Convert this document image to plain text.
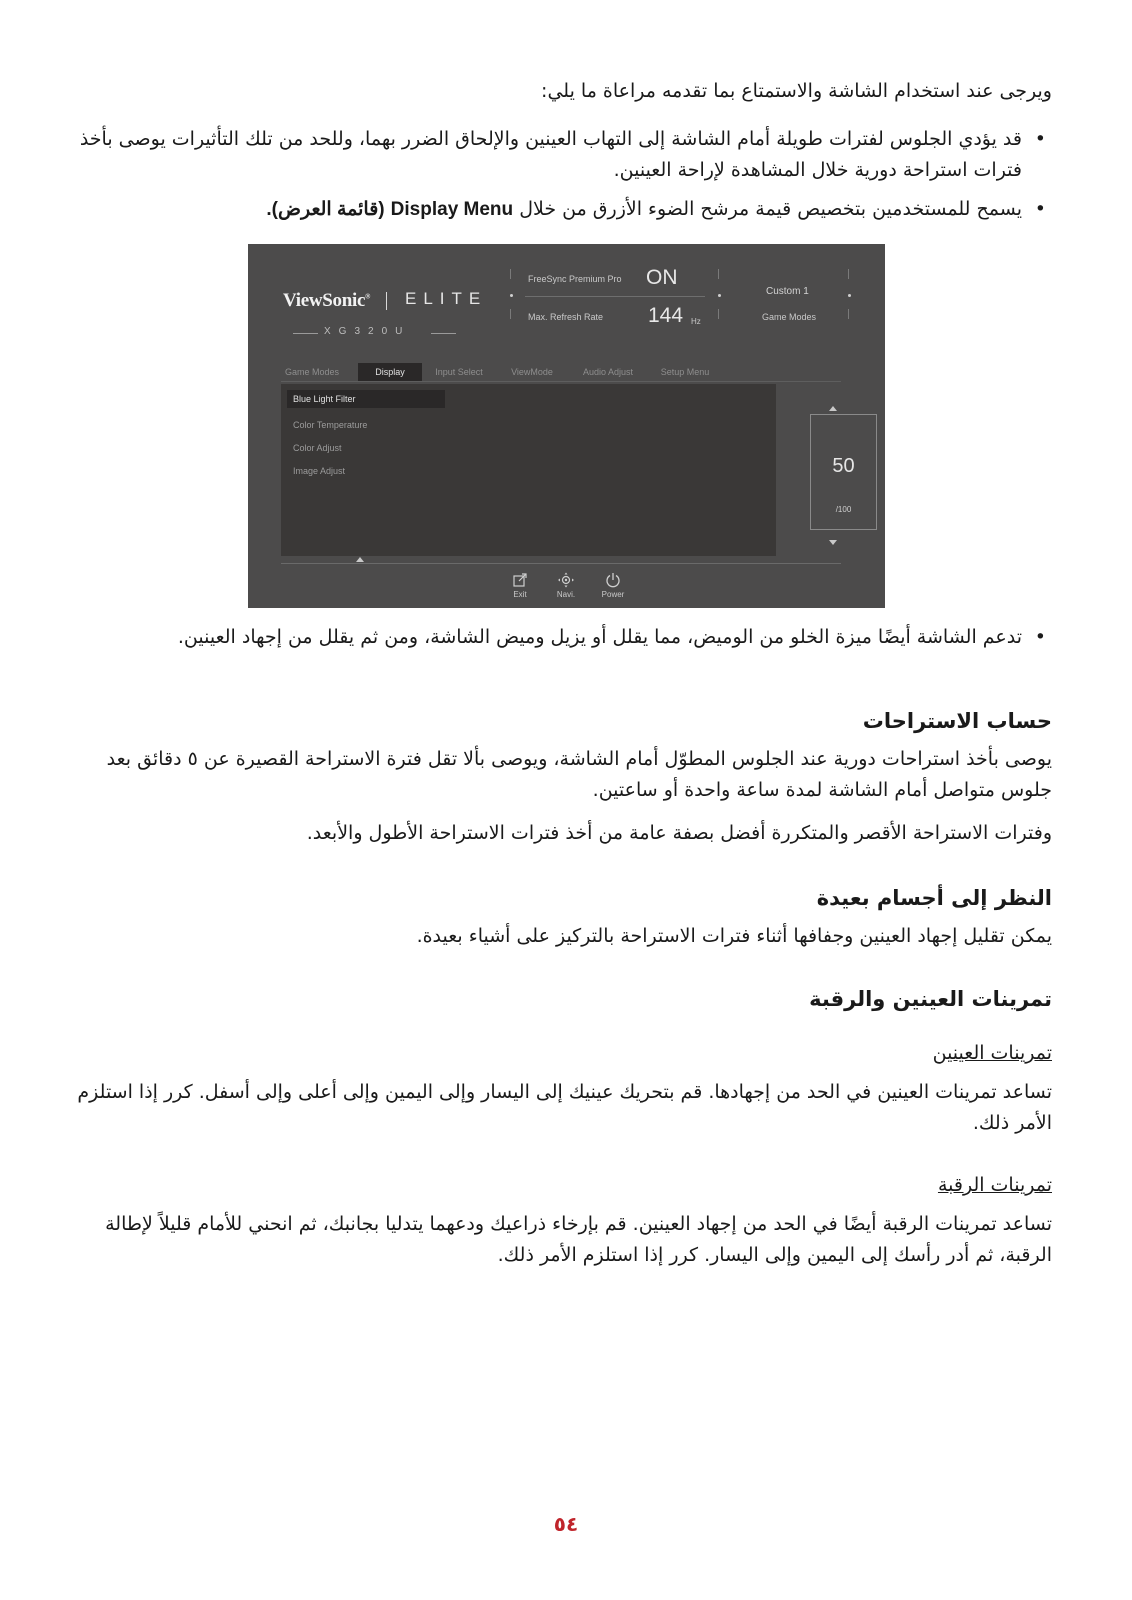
ويرجى عند استخدام الشاشة والاستمتاع بما تقدمه مراعاة ما يلي:

•
قد يؤدي الجلوس لفترات طويلة أمام الشاشة إلى التهاب العينين والإلحاق الضرر بهما، وللحد من تلك التأثيرات يوصى بأخذ فترات استراحة دورية خلال المشاهدة لإراحة العينين.
•
يسمح للمستخدمين بتخصيص قيمة مرشح الضوء الأزرق من خلال Display Menu (قائمة العرض).
ViewSonic® ELITE
XG320U
FreeSync Premium Pro ON
Max. Refresh Rate 144 Hz
Custom 1
Game Modes
Game Modes	Display	Input Select	ViewMode	Audio Adjust	Setup Menu
Blue Light Filter
Color Temperature
Color Adjust
Image Adjust	50
/100
Exit	Navi.	Power
•
تدعم الشاشة أيضًا ميزة الخلو من الوميض، مما يقلل أو يزيل وميض الشاشة، ومن ثم يقلل من إجهاد العينين.
حساب الاستراحات

يوصى بأخذ استراحات دورية عند الجلوس المطوّل أمام الشاشة، ويوصى بألا تقل فترة الاستراحة القصيرة عن ٥ دقائق بعد جلوس متواصل أمام الشاشة لمدة ساعة واحدة أو ساعتين.

وفترات الاستراحة الأقصر والمتكررة أفضل بصفة عامة من أخذ فترات الاستراحة الأطول والأبعد.

النظر إلى أجسام بعيدة

يمكن تقليل إجهاد العينين وجفافها أثناء فترات الاستراحة بالتركيز على أشياء بعيدة.

تمرينات العينين والرقبة

تمرينات العينين

تساعد تمرينات العينين في الحد من إجهادها. قم بتحريك عينيك إلى اليسار وإلى اليمين وإلى أعلى وإلى أسفل. كرر إذا استلزم الأمر ذلك.

تمرينات الرقبة

تساعد تمرينات الرقبة أيضًا في الحد من إجهاد العينين. قم بإرخاء ذراعيك ودعهما يتدليا بجانبك، ثم انحني للأمام قليلاً لإطالة الرقبة، ثم أدر رأسك إلى اليمين وإلى اليسار. كرر إذا استلزم الأمر ذلك.

٥٤
